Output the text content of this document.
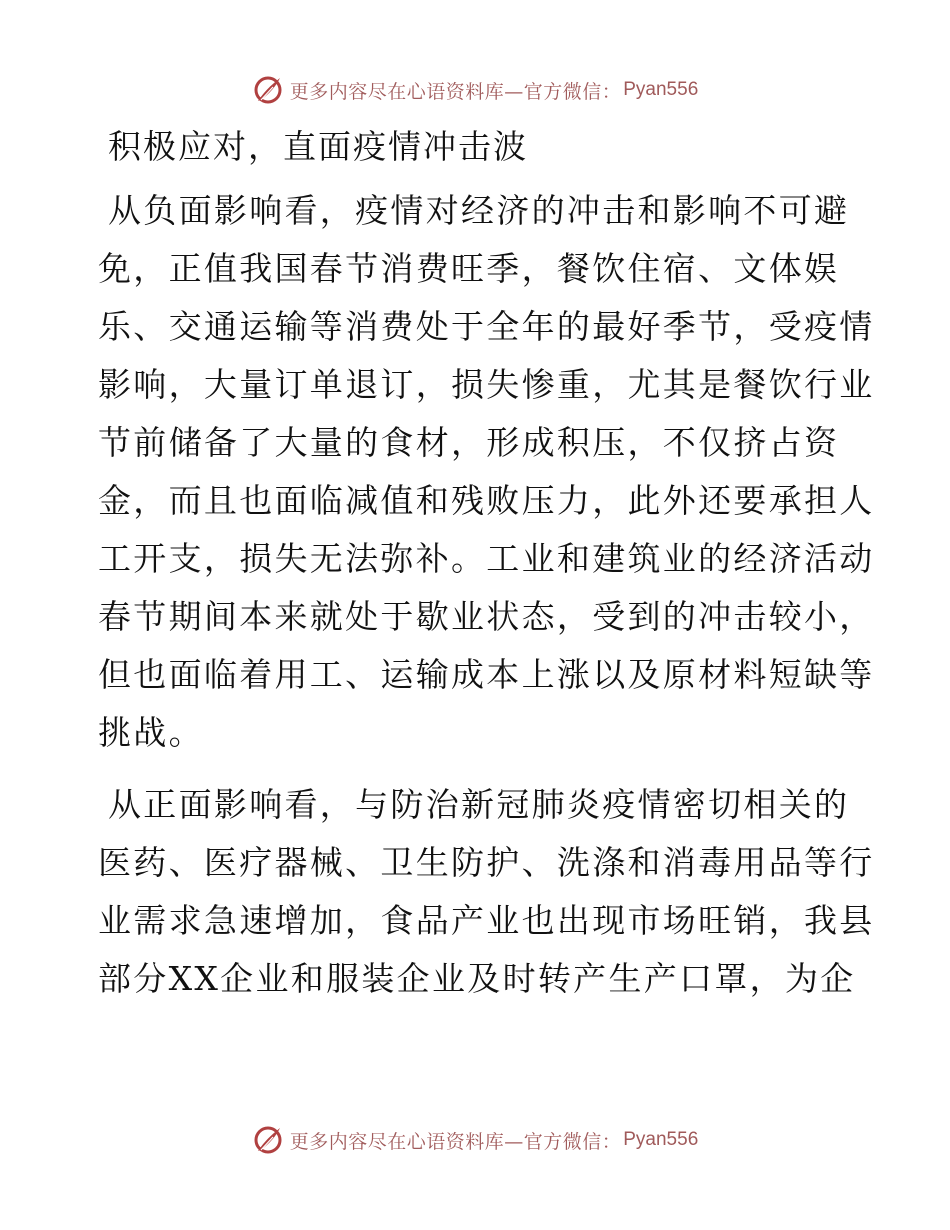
更多内容尽在心语资料库—官方微信： Pyan556
积极应对，直面疫情冲击波
从负面影响看，疫情对经济的冲击和影响不可避
免，正值我国春节消费旺季，餐饮住宿、文体娱
乐、交通运输等消费处于全年的最好季节，受疫情
影响，大量订单退订，损失惨重，尤其是餐饮行业
节前储备了大量的食材，形成积压，不仅挤占资
金，而且也面临减值和残败压力，此外还要承担人
工开支，损失无法弥补。工业和建筑业的经济活动
春节期间本来就处于歇业状态，受到的冲击较小，
但也面临着用工、运输成本上涨以及原材料短缺等
挑战。
从正面影响看，与防治新冠肺炎疫情密切相关的
医药、医疗器械、卫生防护、洗涤和消毒用品等行
业需求急速增加，食品产业也出现市场旺销，我县
部分XX企业和服装企业及时转产生产口罩，为企
更多内容尽在心语资料库—官方微信： Pyan556
